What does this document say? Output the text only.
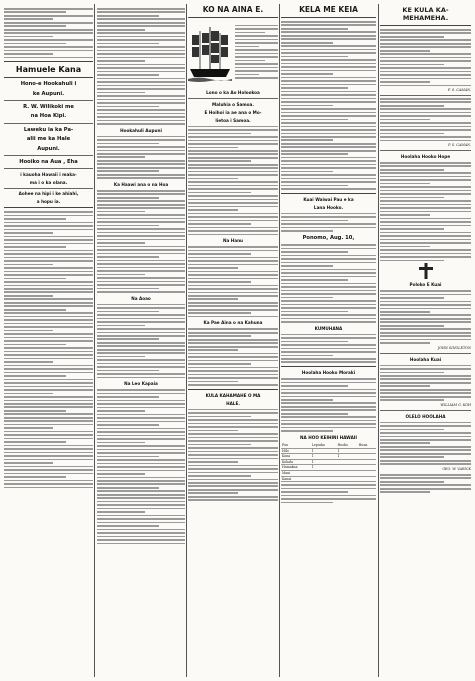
Hamuele Kana
Hono-e Hookahuli i
ke Aupuni.
R. W. Wilikoki me
na Hoa Kipi.
Laweku ia ka Pa-
alii me ka Hale
Aupuni.
Hooiko na Aua , Eha
i kauoha Hawaii i maka-
ma i o ka olana.
Aohee na hipi i ke ahiahi,
a hopu ia.
Hookahuli Aupuni
Ka Haawi ana o na Hoa
Na Aoao
Na Leo Kapaia
KO NA AINA E.
Lono o ka Ao Holookoa
Maluhia o Samoa.
E Hoihoi ia ae ana o Mo-
lietoa i Samoa.
Na Hanu
Ka Pae Aina o na Kahuna
KULA KAHAMAHE O MA
HALE.
KELA ME KEIA
Kuai Waiwai Pau e ka
Lana Hooko.
Ponomo, Aug. 10,
KUMUHANA
Hoolaha Hooko Moraki
NA HOO KEIHINI HAWAII
Puu	Lepiuku	Hooko	Huna
Hilo	1	1	
Kona	1	1	
Kohala	1		
Hamakua	1		
Maui			
Kauai			
KE KULA KA-
MEHAMEHA.
F. S. CAMAN,
P. S. CAMAN,
Hoolaha Hooko Hope
Poloko E Kuai
JOHN SINGLETON
Hoolaha Kuai
WILLIAM G. KOH
OLELO HOOLAHA
GEO. W. VARICK
